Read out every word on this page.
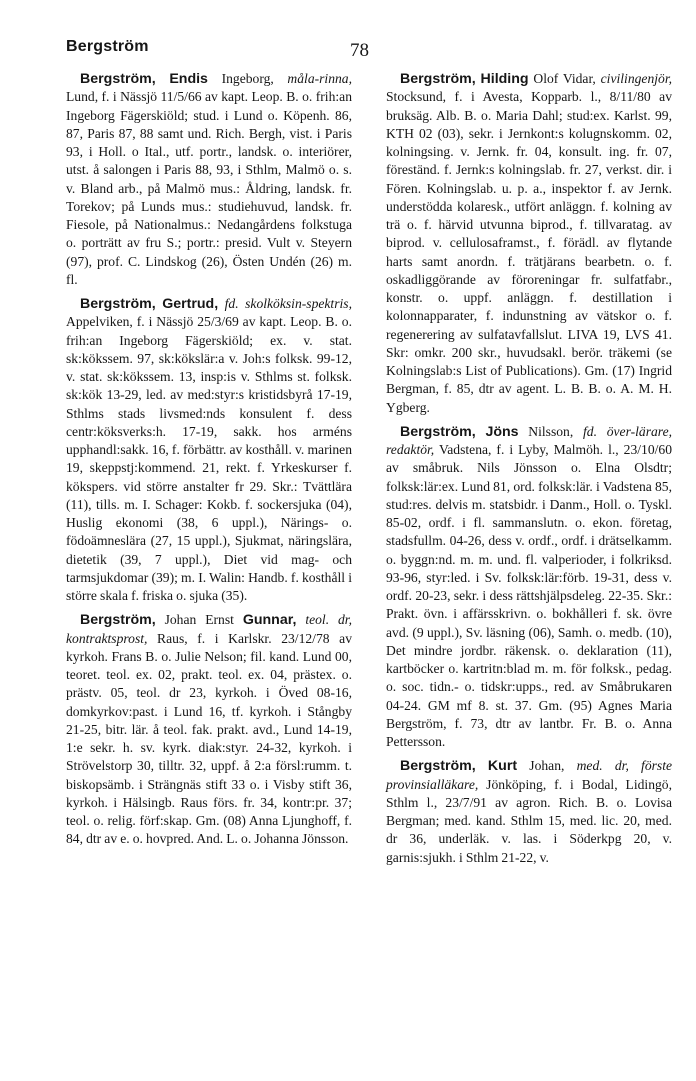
Bergström	78

Bergström, Endis Ingeborg, måla-rinna, Lund, f. i Nässjö 11/5/66 av kapt. Leop. B. o. frih:an Ingeborg Fägerskiöld; stud. i Lund o. Köpenh. 86, 87, Paris 87, 88 samt und. Rich. Bergh, vist. i Paris 93, i Holl. o Ital., utf. portr., landsk. o. interiörer, utst. å salongen i Paris 88, 93, i Sthlm, Malmö o. s. v. Bland arb., på Malmö mus.: Åldring, landsk. fr. Torekov; på Lunds mus.: studiehuvud, landsk. fr. Fiesole, på Nationalmus.: Nedangårdens folkstuga o. porträtt av fru S.; portr.: presid. Vult v. Steyern (97), prof. C. Lindskog (26), Östen Undén (26) m. fl.

Bergström, Gertrud, fd. skolköksin-spektris, Appelviken, f. i Nässjö 25/3/69 av kapt. Leop. B. o. frih:an Ingeborg Fägerskiöld; ex. v. stat. sk:kökssem. 97, sk:kökslär:a v. Joh:s folksk. 99-12, v. stat. sk:kökssem. 13, insp:is v. Sthlms st. folksk. sk:kök 13-29, led. av med:styr:s kristidsbyrå 17-19, Sthlms stads livsmed:nds konsulent f. dess centr:köksverks:h. 17-19, sakk. hos arméns upphandl:sakk. 16, f. förbättr. av kosthåll. v. marinen 19, skeppstj:kommend. 21, rekt. f. Yrkeskurser f. kökspers. vid större anstalter fr 29. Skr.: Tvättlära (11), tills. m. I. Schager: Kokb. f. sockersjuka (04), Huslig ekonomi (38, 6 uppl.), Närings- o. födoämneslära (27, 15 uppl.), Sjukmat, näringslära, dietetik (39, 7 uppl.), Diet vid mag- och tarmsjukdomar (39); m. I. Walin: Handb. f. kosthåll i större skala f. friska o. sjuka (35).

Bergström, Johan Ernst Gunnar, teol. dr, kontraktsprost, Raus, f. i Karlskr. 23/12/78 av kyrkoh. Frans B. o. Julie Nelson; fil. kand. Lund 00, teoret. teol. ex. 02, prakt. teol. ex. 04, prästex. o. prästv. 05, teol. dr 23, kyrkoh. i Öved 08-16, domkyrkov:past. i Lund 16, tf. kyrkoh. i Stångby 21-25, bitr. lär. å teol. fak. prakt. avd., Lund 14-19, 1:e sekr. h. sv. kyrk. diak:styr. 24-32, kyrkoh. i Strövelstorp 30, tilltr. 32, uppf. å 2:a försl:rumm. t. biskopsämb. i Strängnäs stift 33 o. i Visby stift 36, kyrkoh. i Hälsingb. Raus förs. fr. 34, kontr:pr. 37; teol. o. relig. förf:skap. Gm. (08) Anna Ljunghoff, f. 84, dtr av e. o. hovpred. And. L. o. Johanna Jönsson.

Bergström, Hilding Olof Vidar, civilingenjör, Stocksund, f. i Avesta, Kopparb. l., 8/11/80 av bruksäg. Alb. B. o. Maria Dahl; stud:ex. Karlst. 99, KTH 02 (03), sekr. i Jernkont:s kolugnskomm. 02, kolningsing. v. Jernk. fr. 04, konsult. ing. fr. 07, föreständ. f. Jernk:s kolningslab. fr. 27, verkst. dir. i Fören. Kolningslab. u. p. a., inspektor f. av Jernk. understödda kolaresk., utfört anläggn. f. kolning av trä o. f. härvid utvunna biprod., f. tillvaratag. av biprod. v. cellulosaframst., f. förädl. av flytande harts samt anordn. f. trätjärans bearbetn. o. f. oskadliggörande av föroreningar fr. sulfatfabr., konstr. o. uppf. anläggn. f. destillation i kolonnapparater, f. indunstning av vätskor o. f. regenerering av sulfatavfallslut. LIVA 19, LVS 41. Skr: omkr. 200 skr., huvudsakl. berör. träkemi (se Kolningslab:s List of Publications). Gm. (17) Ingrid Bergman, f. 85, dtr av agent. L. B. B. o. A. M. H. Ygberg.

Bergström, Jöns Nilsson, fd. över-lärare, redaktör, Vadstena, f. i Lyby, Malmöh. l., 23/10/60 av småbruk. Nils Jönsson o. Elna Olsdtr; folksk:lär:ex. Lund 81, ord. folksk:lär. i Vadstena 85, stud:res. delvis m. statsbidr. i Danm., Holl. o. Tyskl. 85-02, ordf. i fl. sammanslutn. o. ekon. företag, stadsfullm. 04-26, dess v. ordf., ordf. i drätselkamm. o. byggn:nd. m. m. und. fl. valperioder, i folkriksd. 93-96, styr:led. i Sv. folksk:lär:förb. 19-31, dess v. ordf. 20-23, sekr. i dess rättshjälpsdeleg. 22-35. Skr.: Prakt. övn. i affärsskrivn. o. bokhålleri f. sk. övre avd. (9 uppl.), Sv. läsning (06), Samh. o. medb. (10), Det mindre jordbr. räkensk. o. deklaration (11), kartböcker o. kartritn:blad m. m. för folksk., pedag. o. soc. tidn.- o. tidskr:upps., red. av Småbrukaren 04-24. GM mf 8. st. 37. Gm. (95) Agnes Maria Bergström, f. 73, dtr av lantbr. Fr. B. o. Anna Pettersson.

Bergström, Kurt Johan, med. dr, förste provinsialläkare, Jönköping, f. i Bodal, Lidingö, Sthlm l., 23/7/91 av agron. Rich. B. o. Lovisa Bergman; med. kand. Sthlm 15, med. lic. 20, med. dr 36, underläk. v. las. i Söderkpg 20, v. garnis:sjukh. i Sthlm 21-22, v.
